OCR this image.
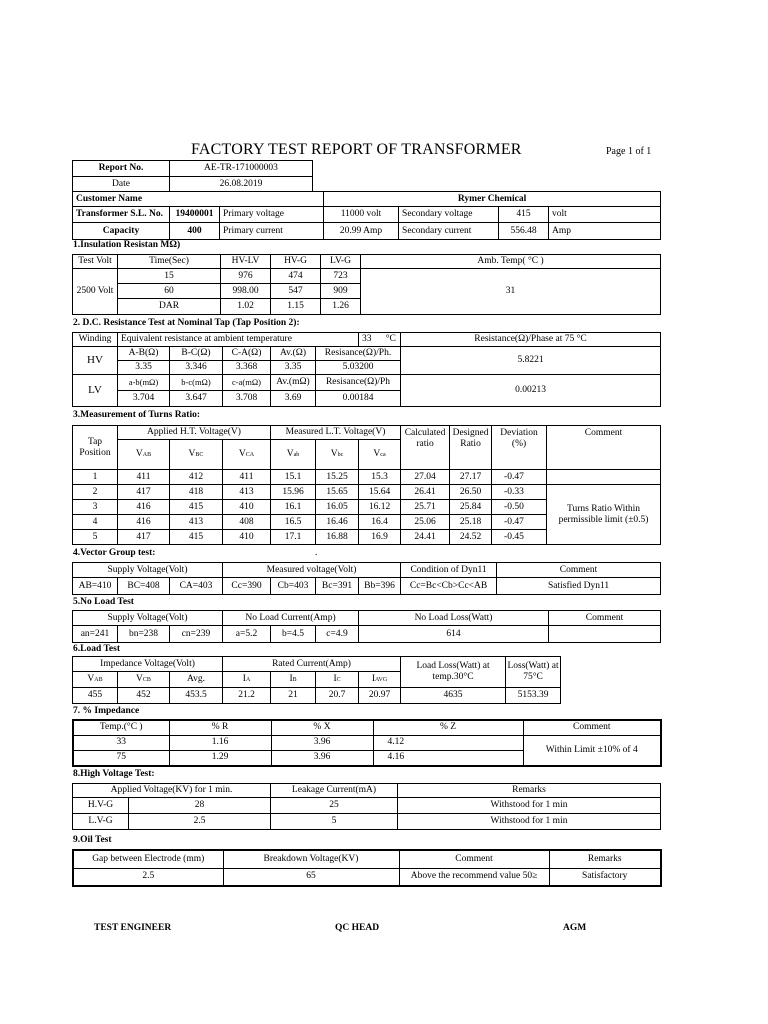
FACTORY TEST REPORT OF TRANSFORMER	Page 1 of 1
Report No.	AE-TR-171000003
Date	26.08.2019
Customer Name			Rymer Chemical			
Transformer S.L. No.	19400001	Primary voltage	11000 volt	Secondary voltage	415	volt
Capacity	400	Primary current	20.99 Amp	Secondary current	556.48	Amp
1.Insulation Resistan MΩ)
Test Volt	Time(Sec)	HV-LV	HV-G	LV-G	Amb. Temp( °C )
2500 Volt	15	976	474	723	31
	60	998.00	547	909	
	DAR	1.02	1.15	1.26	
2. D.C. Resistance Test at Nominal Tap (Tap Position 2):
Winding	Equivalent resistance at ambient temperature					33 °C	Resistance(Ω)/Phase at 75 °C
HV	A-B(Ω)	B-C(Ω)	C-A(Ω)	Av.(Ω)	Resisance(Ω)/Ph.		5.8221
	3.35	3.346	3.368	3.35	5.03200		
LV	a-b(mΩ)	b-c(mΩ)	c-a(mΩ)	Av.(mΩ)	Resisance(Ω)/Ph		0.00213
	3.704	3.647	3.708	3.69	0.00184		
3.Measurement of Turns Ratio:
Tap Position	Applied H.T. Voltage(V)			Measured L.T. Voltage(V)			Calculated ratio	Designed Ratio	Deviation (%)	Comment
	VAB	VBC	VCA	Vab	Vbc	Vca				
1	411	412	411	15.1	15.25	15.3	27.04	27.17	-0.47	
2	417	418	413	15.96	15.65	15.64	26.41	26.50	-0.33	Turns Ratio Within permissible limit (±0.5)
3	416	415	410	16.1	16.05	16.12	25.71	25.84	-0.50	
4	416	413	408	16.5	16.46	16.4	25.06	25.18	-0.47	
5	417	415	410	17.1	16.88	16.9	24.41	24.52	-0.45	
4.Vector Group test:	.
Supply Voltage(Volt)			Measured voltage(Volt)				Condition of Dyn11	Comment
AB=410	BC=408	CA=403	Cc=390	Cb=403	Bc=391	Bb=396	Cc=Bc<Cb>Cc<AB	Satisfied Dyn11
5.No Load Test
Supply Voltage(Volt)			No Load Current(Amp)			No Load Loss(Watt)	Comment
an=241	bn=238	cn=239	a=5.2	b=4.5	c=4.9	614	
6.Load Test
Impedance Voltage(Volt)			Rated Current(Amp)				Load Loss(Watt) at temp.30°C	Loss(Watt) at 75°C	
VAB	VCB	Avg.	IA	IB	IC	IAVG			
455	452	453.5	21.2	21	20.7	20.97	4635	5153.39	
7. % Impedance
Temp.(°C )	% R	% X	% Z	Comment
33	1.16	3.96	4.12	Within Limit ±10% of 4
75	1.29	3.96	4.16	
8.High Voltage Test:
Applied Voltage(KV) for 1 min.		Leakage Current(mA)	Remarks
H.V-G	28	25	Withstood for 1 min
L.V-G	2.5	5	Withstood for 1 min
9.Oil Test
Gap between Electrode (mm)	Breakdown Voltage(KV)	Comment	Remarks
2.5	65	Above the recommend value 50≥	Satisfactory
TEST ENGINEER	QC HEAD	AGM
